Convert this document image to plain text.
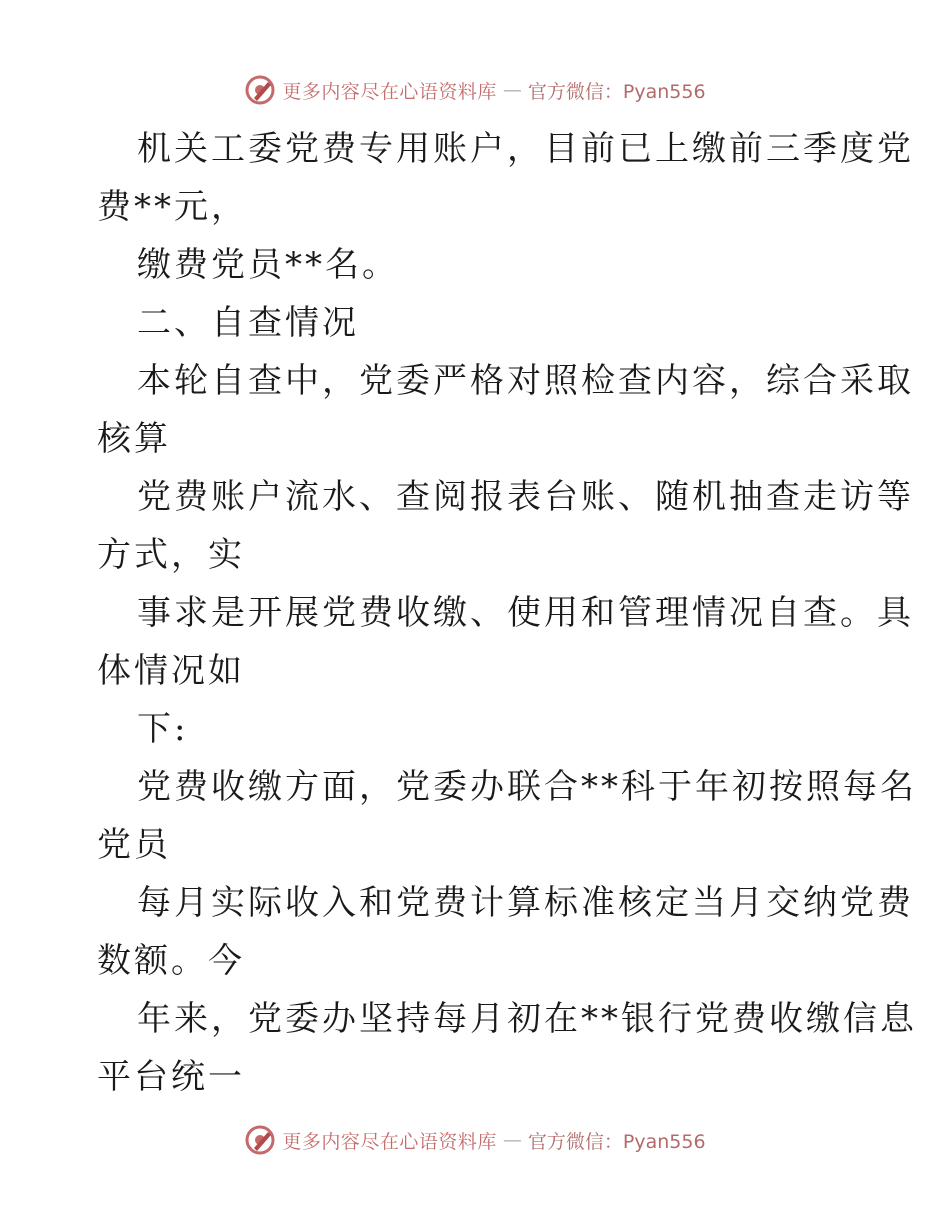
更多内容尽在心语资料库 — 官方微信：Pyan556
机关工委党费专用账户，目前已上缴前三季度党
费**元，
缴费党员**名。
二、自查情况
本轮自查中，党委严格对照检查内容，综合采取
核算
党费账户流水、查阅报表台账、随机抽查走访等
方式，实
事求是开展党费收缴、使用和管理情况自查。具
体情况如
下:
党费收缴方面，党委办联合**科于年初按照每名
党员
每月实际收入和党费计算标准核定当月交纳党费
数额。今
年来，党委办坚持每月初在**银行党费收缴信息
平台统一
更多内容尽在心语资料库 — 官方微信：Pyan556
